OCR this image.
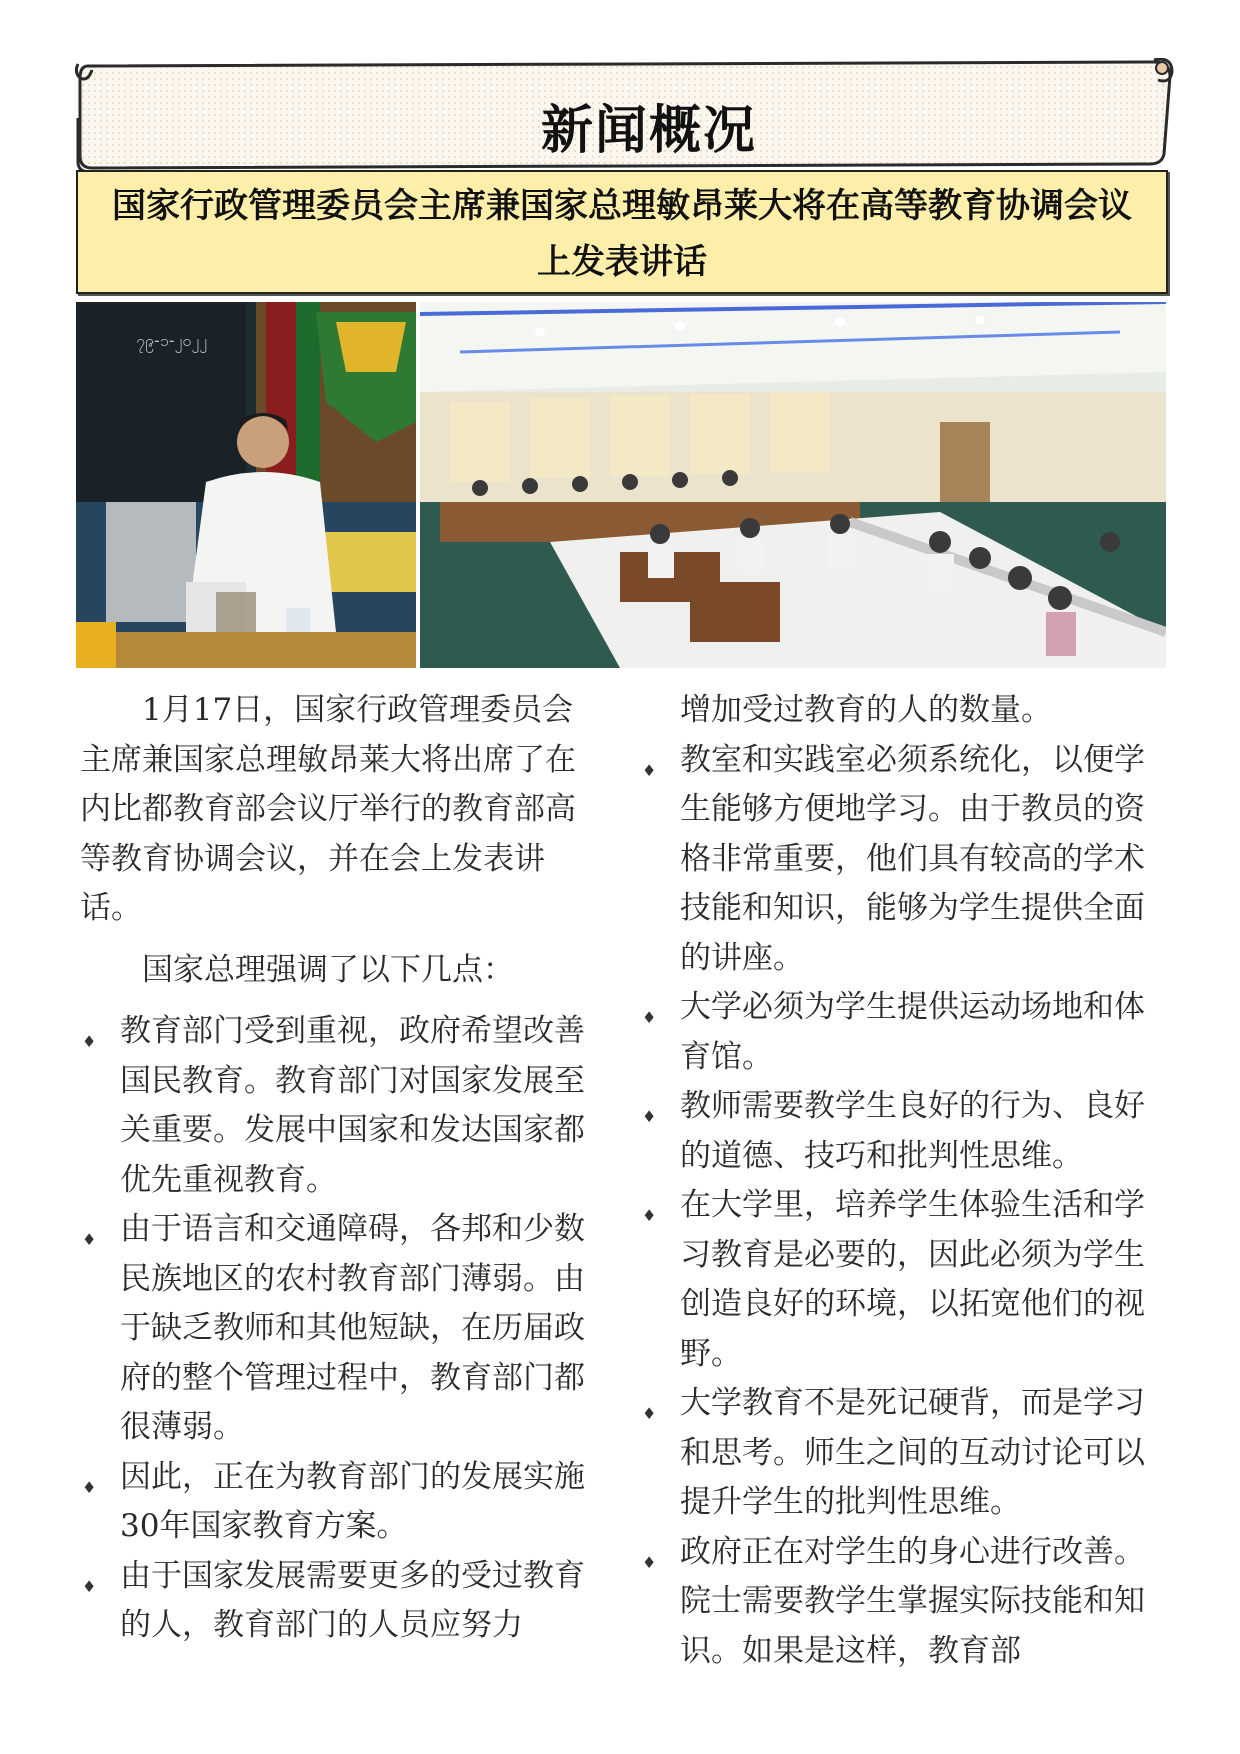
新闻概况
国家行政管理委员会主席兼国家总理敏昂莱大将在高等教育协调会议上发表讲话
၇၉-၁-၂၀၂၂

1月17日，国家行政管理委员会主席兼国家总理敏昂莱大将出席了在内比都教育部会议厅举行的教育部高等教育协调会议，并在会上发表讲话。

国家总理强调了以下几点：

♦ 教育部门受到重视，政府希望改善国民教育。教育部门对国家发展至关重要。发展中国家和发达国家都优先重视教育。
♦ 由于语言和交通障碍，各邦和少数民族地区的农村教育部门薄弱。由于缺乏教师和其他短缺，在历届政府的整个管理过程中，教育部门都很薄弱。
♦ 因此，正在为教育部门的发展实施30年国家教育方案。
♦ 由于国家发展需要更多的受过教育的人，教育部门的人员应努力
增加受过教育的人的数量。
♦ 教室和实践室必须系统化，以便学生能够方便地学习。由于教员的资格非常重要，他们具有较高的学术技能和知识，能够为学生提供全面的讲座。
♦ 大学必须为学生提供运动场地和体育馆。
♦ 教师需要教学生良好的行为、良好的道德、技巧和批判性思维。
♦ 在大学里，培养学生体验生活和学习教育是必要的，因此必须为学生创造良好的环境，以拓宽他们的视野。
♦ 大学教育不是死记硬背，而是学习和思考。师生之间的互动讨论可以提升学生的批判性思维。
♦ 政府正在对学生的身心进行改善。院士需要教学生掌握实际技能和知识。如果是这样，教育部
